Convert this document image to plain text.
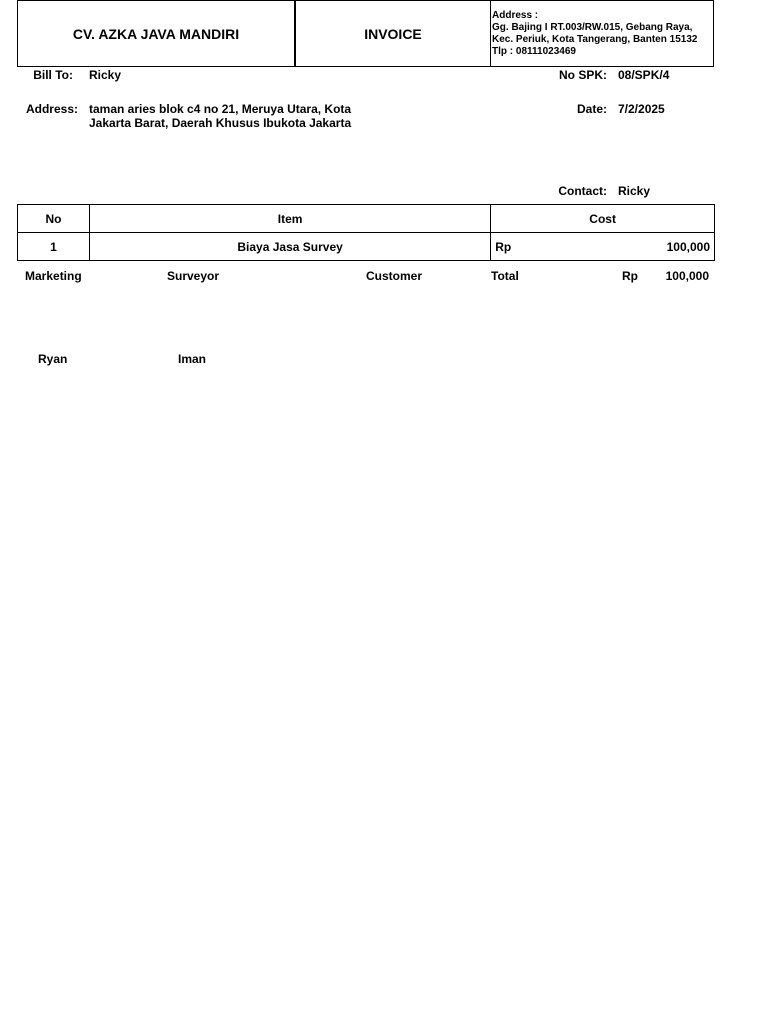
CV. AZKA JAVA MANDIRI	INVOICE
Address :
Gg. Bajing I RT.003/RW.015, Gebang Raya,
Kec. Periuk, Kota Tangerang, Banten 15132
Tlp : 08111023469
Bill To: Ricky	No SPK: 08/SPK/4
Address: taman aries blok c4 no 21, Meruya Utara, Kota
Jakarta Barat, Daerah Khusus Ibukota Jakarta
Date: 7/2/2025
Contact: Ricky
No	Item	Cost
1	Biaya Jasa Survey	Rp 100,000
Marketing	Surveyor	Customer	Total	Rp	100,000
Ryan	Iman
